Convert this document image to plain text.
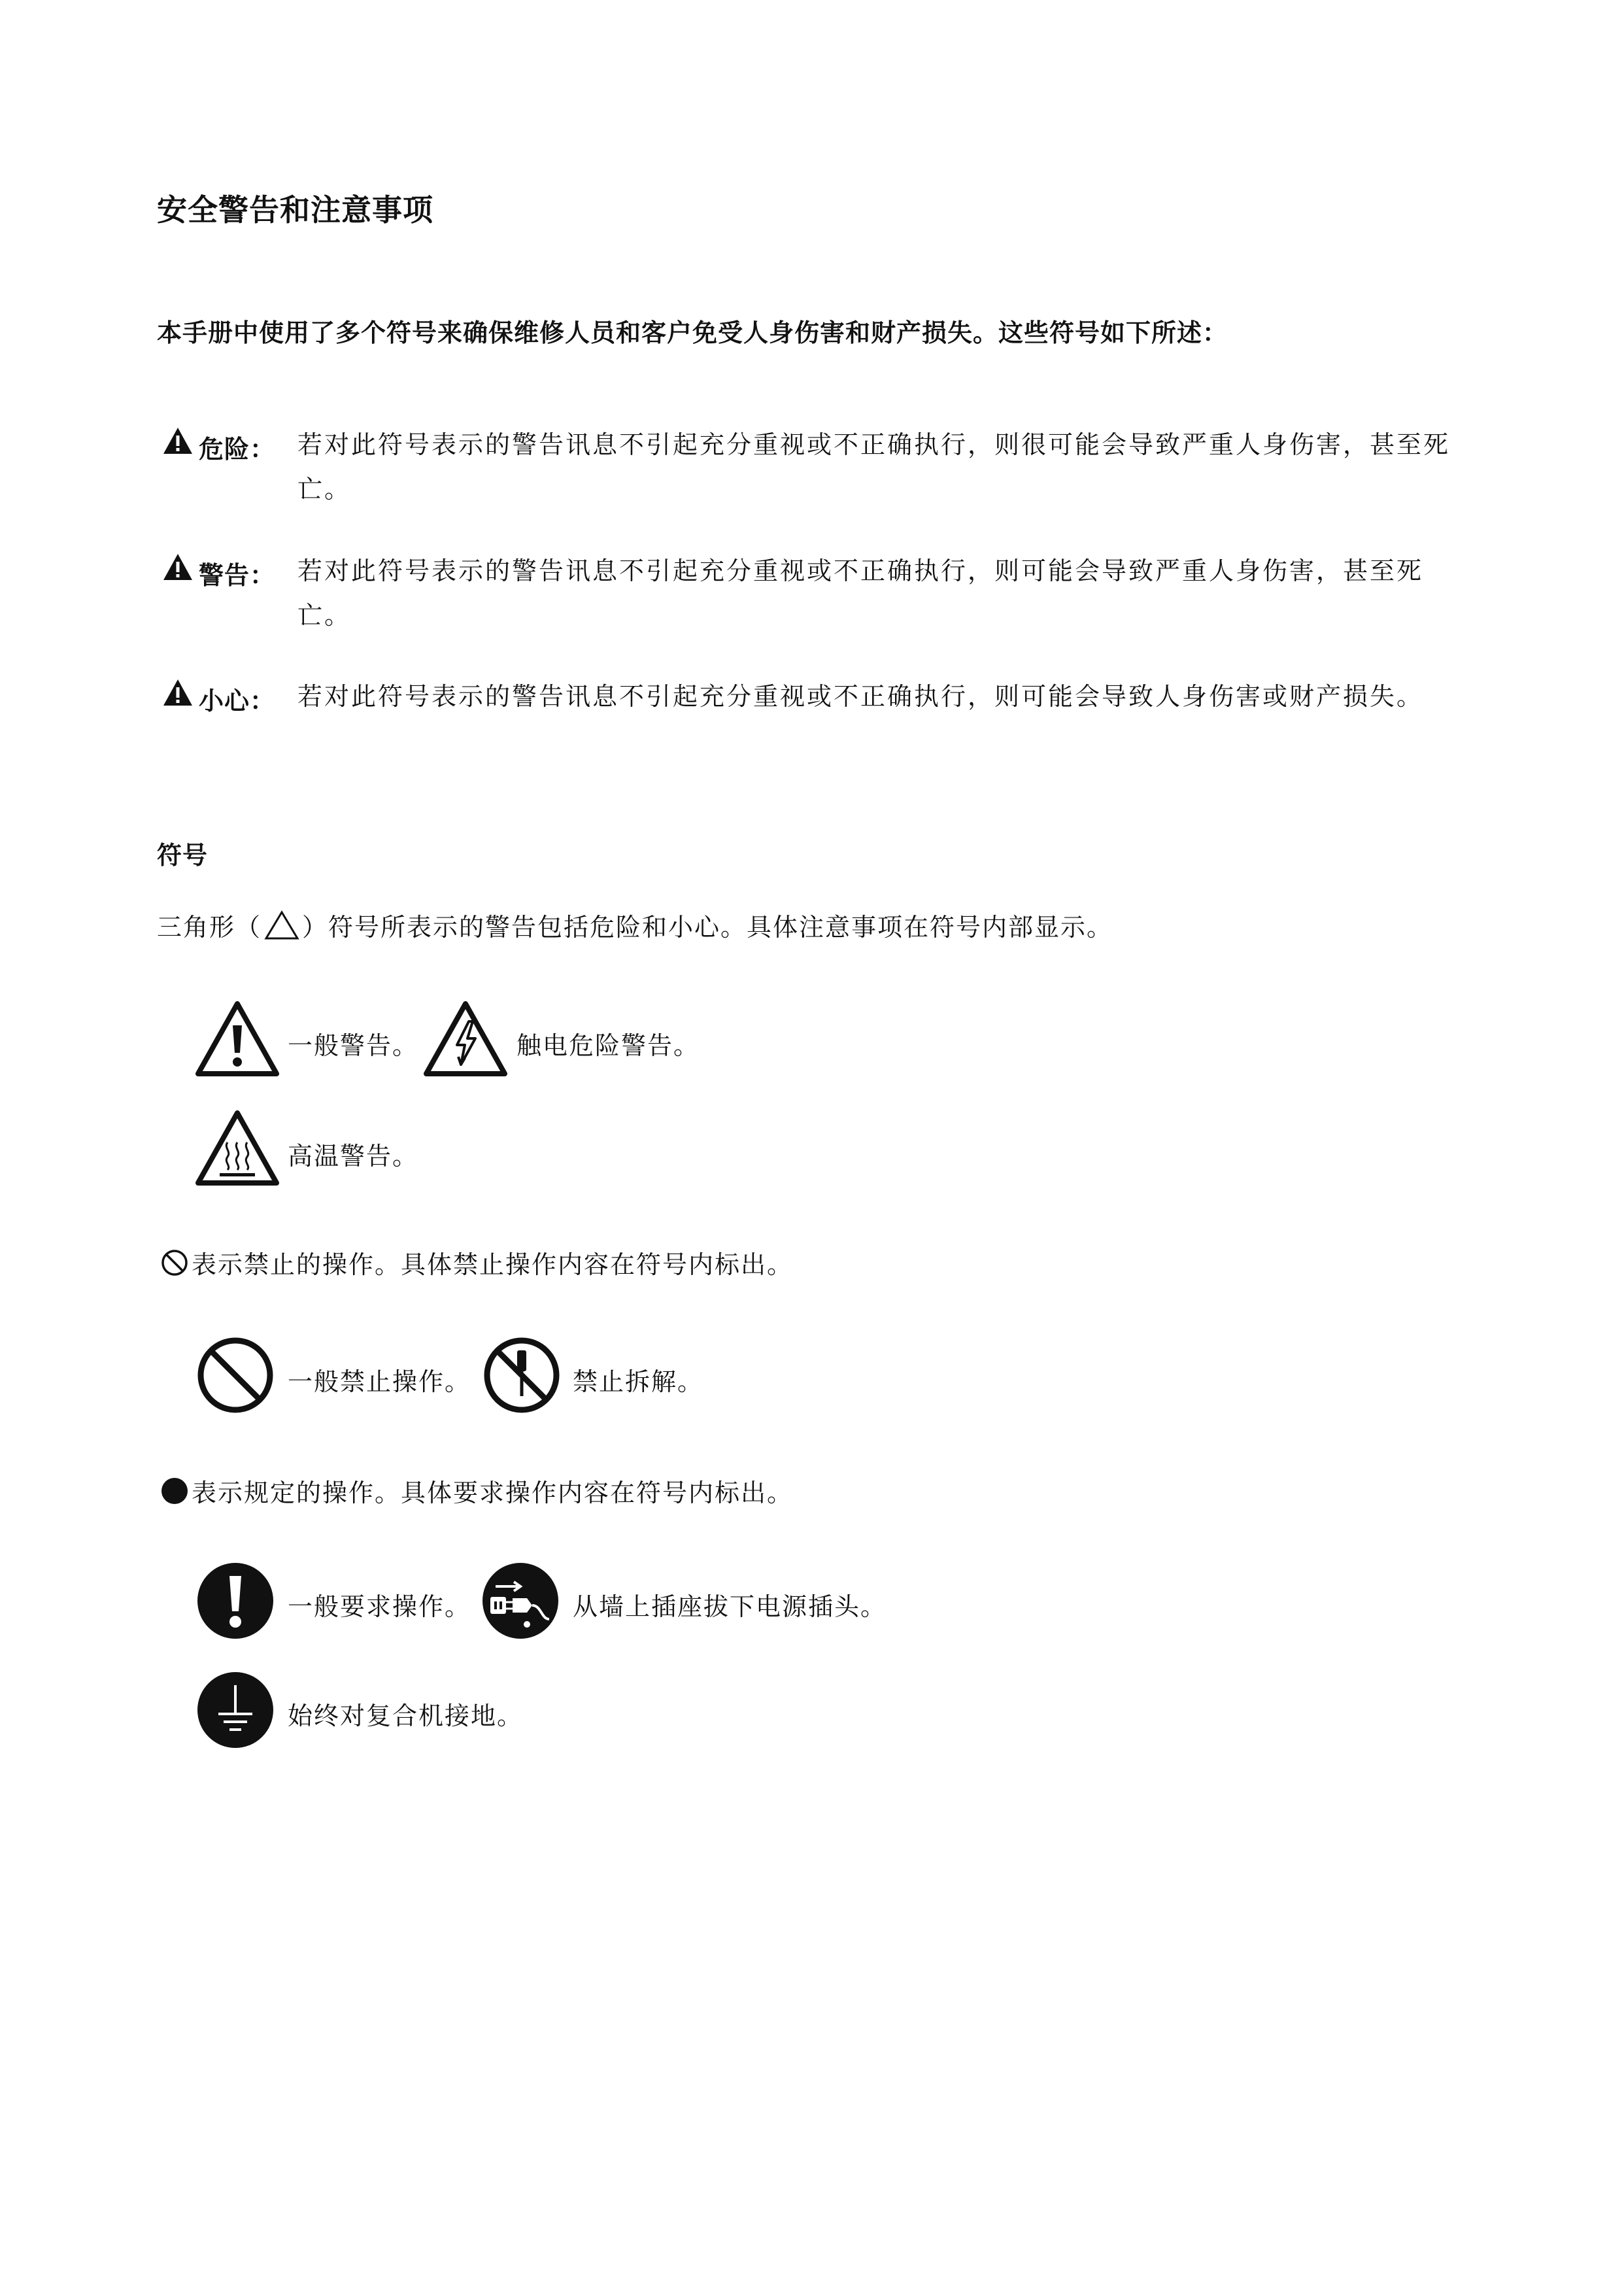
安全警告和注意事项
本手册中使用了多个符号来确保维修人员和客户免受人身伤害和财产损失。这些符号如下所述：
危险： 若对此符号表示的警告讯息不引起充分重视或不正确执行，则很可能会导致严重人身伤害，甚至死亡。
警告： 若对此符号表示的警告讯息不引起充分重视或不正确执行，则可能会导致严重人身伤害，甚至死亡。
小心： 若对此符号表示的警告讯息不引起充分重视或不正确执行，则可能会导致人身伤害或财产损失。
符号
三角形（ ）符号所表示的警告包括危险和小心。具体注意事项在符号内部显示。
一般警告。	触电危险警告。
高温警告。
表示禁止的操作。具体禁止操作内容在符号内标出。
一般禁止操作。	禁止拆解。
表示规定的操作。具体要求操作内容在符号内标出。
一般要求操作。	从墙上插座拔下电源插头。
始终对复合机接地。
